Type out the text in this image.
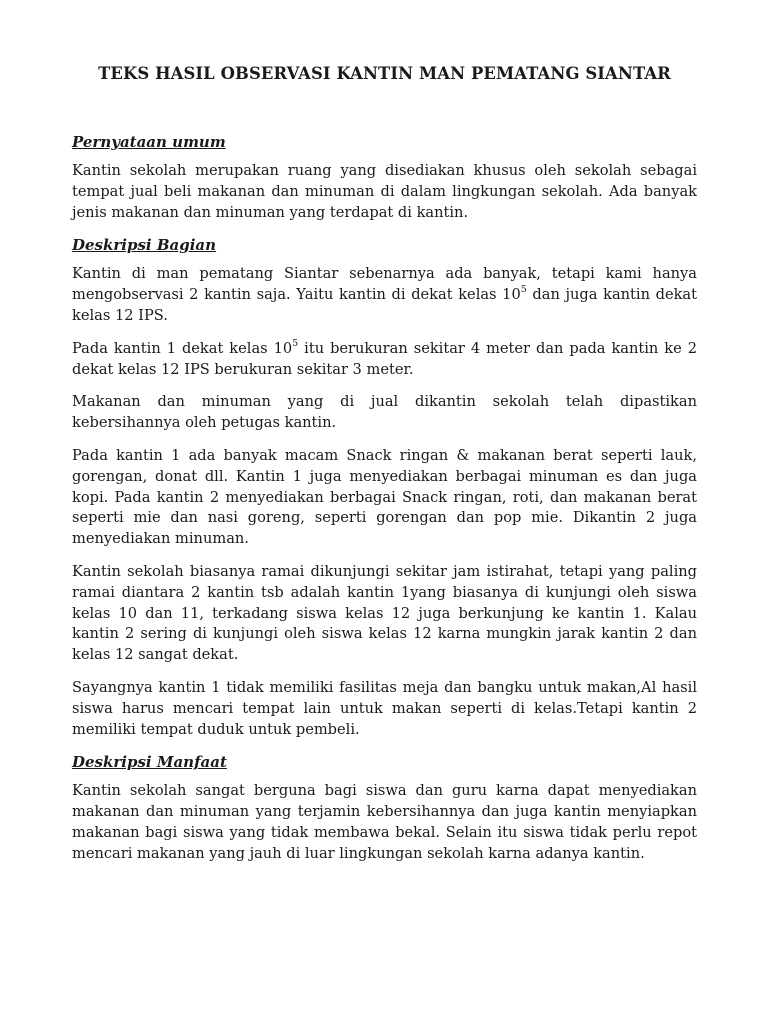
TEKS HASIL OBSERVASI KANTIN MAN PEMATANG SIANTAR
Pernyataan umum
Kantin sekolah merupakan ruang yang disediakan khusus oleh sekolah sebagai tempat jual beli makanan dan minuman di dalam lingkungan sekolah. Ada banyak jenis makanan dan minuman yang terdapat di kantin.
Deskripsi Bagian
Kantin di man pematang Siantar sebenarnya ada banyak, tetapi kami hanya mengobservasi 2 kantin saja. Yaitu kantin di dekat kelas $10^5$ dan juga kantin dekat kelas 12 IPS.
Pada kantin 1 dekat kelas $10^5$ itu berukuran sekitar 4 meter dan pada kantin ke 2 dekat kelas 12 IPS berukuran sekitar 3 meter.
Makanan dan minuman yang di jual dikantin sekolah telah dipastikan kebersihannya oleh petugas kantin.
Pada kantin 1 ada banyak macam Snack ringan & makanan berat seperti lauk, gorengan, donat dll. Kantin 1 juga menyediakan berbagai minuman es dan juga kopi. Pada kantin 2 menyediakan berbagai Snack ringan, roti, dan makanan berat seperti mie dan nasi goreng, seperti gorengan dan pop mie. Dikantin 2 juga menyediakan minuman.
Kantin sekolah biasanya ramai dikunjungi sekitar jam istirahat, tetapi yang paling ramai diantara 2 kantin tsb adalah kantin 1yang biasanya di kunjungi oleh siswa kelas 10 dan 11, terkadang siswa kelas 12 juga berkunjung ke kantin 1. Kalau kantin 2 sering di kunjungi oleh siswa kelas 12 karna mungkin jarak kantin 2 dan kelas 12 sangat dekat.
Sayangnya kantin 1 tidak memiliki fasilitas meja dan bangku untuk makan,Al hasil siswa harus mencari tempat lain untuk makan seperti di kelas.Tetapi kantin 2 memiliki tempat duduk untuk pembeli.
Deskripsi Manfaat
Kantin sekolah sangat berguna bagi siswa dan guru karna dapat menyediakan makanan dan minuman yang terjamin kebersihannya dan juga kantin menyiapkan makanan bagi siswa yang tidak membawa bekal. Selain itu siswa tidak perlu repot mencari makanan yang jauh di luar lingkungan sekolah karna adanya kantin.
